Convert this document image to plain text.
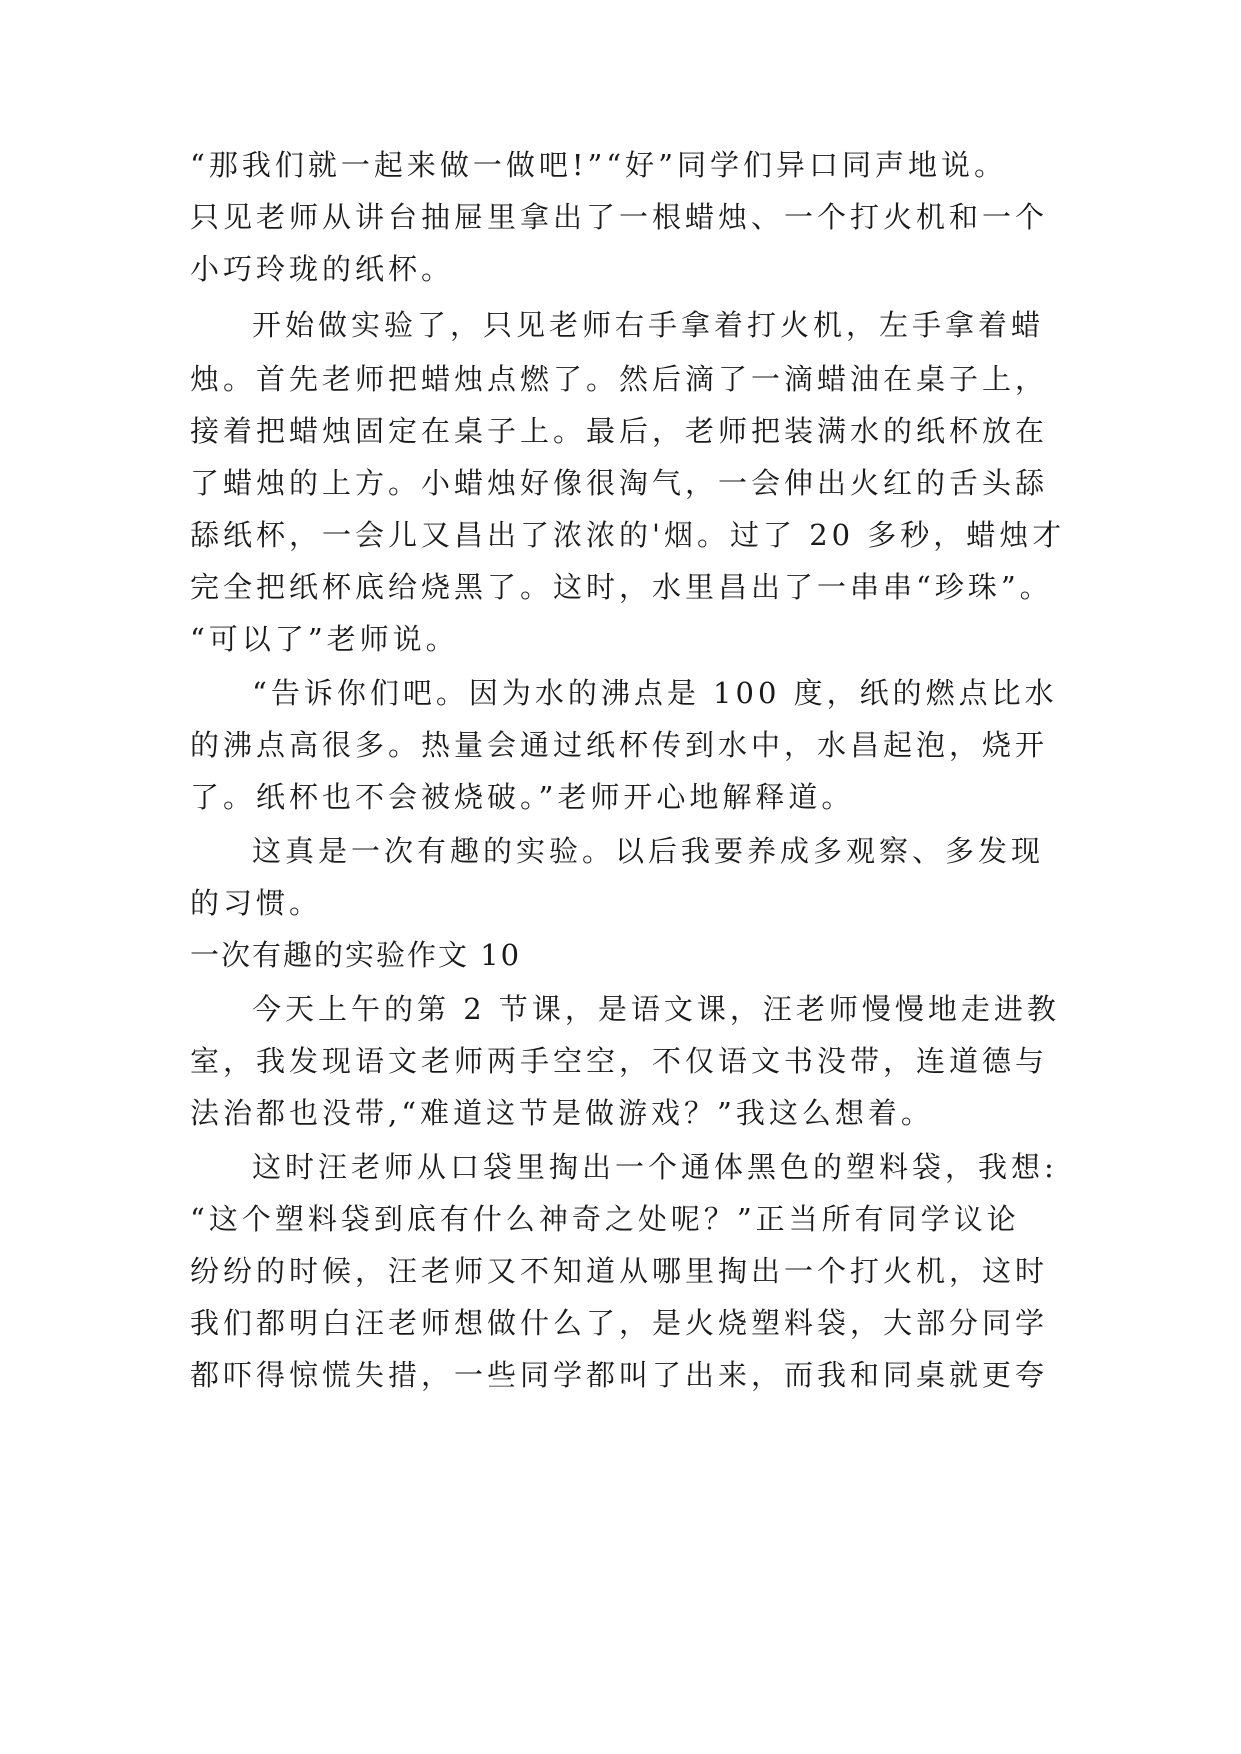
“那我们就一起来做一做吧!”“好”同学们异口同声地说。
只见老师从讲台抽屉里拿出了一根蜡烛、一个打火机和一个
小巧玲珑的纸杯。
开始做实验了，只见老师右手拿着打火机，左手拿着蜡
烛。首先老师把蜡烛点燃了。然后滴了一滴蜡油在桌子上，
接着把蜡烛固定在桌子上。最后，老师把装满水的纸杯放在
了蜡烛的上方。小蜡烛好像很淘气，一会伸出火红的舌头舔
舔纸杯，一会儿又昌出了浓浓的'烟。过了 20 多秒，蜡烛才
完全把纸杯底给烧黑了。这时，水里昌出了一串串“珍珠”。
“可以了”老师说。
“告诉你们吧。因为水的沸点是 100 度，纸的燃点比水
的沸点高很多。热量会通过纸杯传到水中，水昌起泡，烧开
了。纸杯也不会被烧破。”老师开心地解释道。
这真是一次有趣的实验。以后我要养成多观察、多发现
的习惯。
一次有趣的实验作文 10
今天上午的第 2 节课，是语文课，汪老师慢慢地走进教
室，我发现语文老师两手空空，不仅语文书没带，连道德与
法治都也没带,“难道这节是做游戏？”我这么想着。
这时汪老师从口袋里掏出一个通体黑色的塑料袋，我想:
“这个塑料袋到底有什么神奇之处呢？”正当所有同学议论
纷纷的时候，汪老师又不知道从哪里掏出一个打火机，这时
我们都明白汪老师想做什么了，是火烧塑料袋，大部分同学
都吓得惊慌失措，一些同学都叫了出来，而我和同桌就更夸
